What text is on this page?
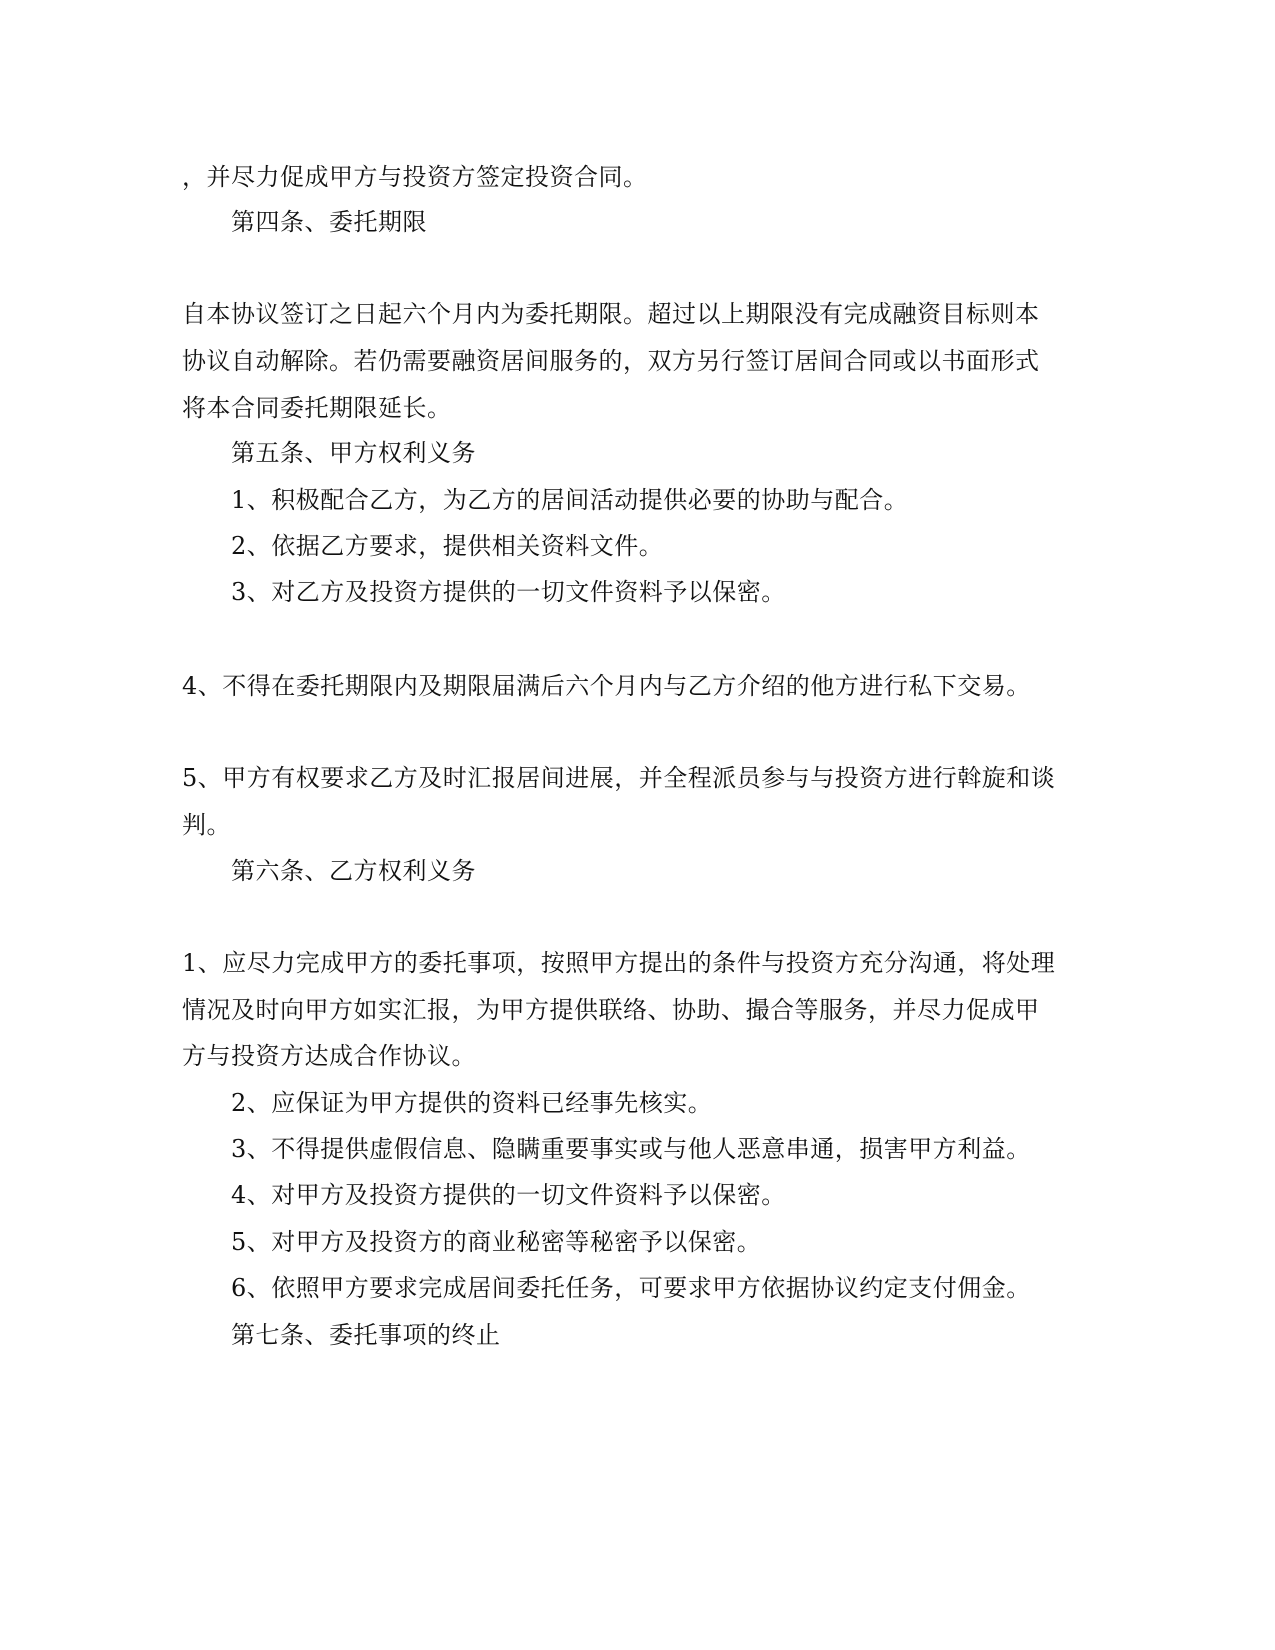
，并尽力促成甲方与投资方签定投资合同。
第四条、委托期限
自本协议签订之日起六个月内为委托期限。超过以上期限没有完成融资目标则本
协议自动解除。若仍需要融资居间服务的，双方另行签订居间合同或以书面形式
将本合同委托期限延长。
第五条、甲方权利义务
1、积极配合乙方，为乙方的居间活动提供必要的协助与配合。
2、依据乙方要求，提供相关资料文件。
3、对乙方及投资方提供的一切文件资料予以保密。
4、不得在委托期限内及期限届满后六个月内与乙方介绍的他方进行私下交易。
5、甲方有权要求乙方及时汇报居间进展，并全程派员参与与投资方进行斡旋和谈
判。
第六条、乙方权利义务
1、应尽力完成甲方的委托事项，按照甲方提出的条件与投资方充分沟通，将处理
情况及时向甲方如实汇报，为甲方提供联络、协助、撮合等服务，并尽力促成甲
方与投资方达成合作协议。
2、应保证为甲方提供的资料已经事先核实。
3、不得提供虚假信息、隐瞒重要事实或与他人恶意串通，损害甲方利益。
4、对甲方及投资方提供的一切文件资料予以保密。
5、对甲方及投资方的商业秘密等秘密予以保密。
6、依照甲方要求完成居间委托任务，可要求甲方依据协议约定支付佣金。
第七条、委托事项的终止
